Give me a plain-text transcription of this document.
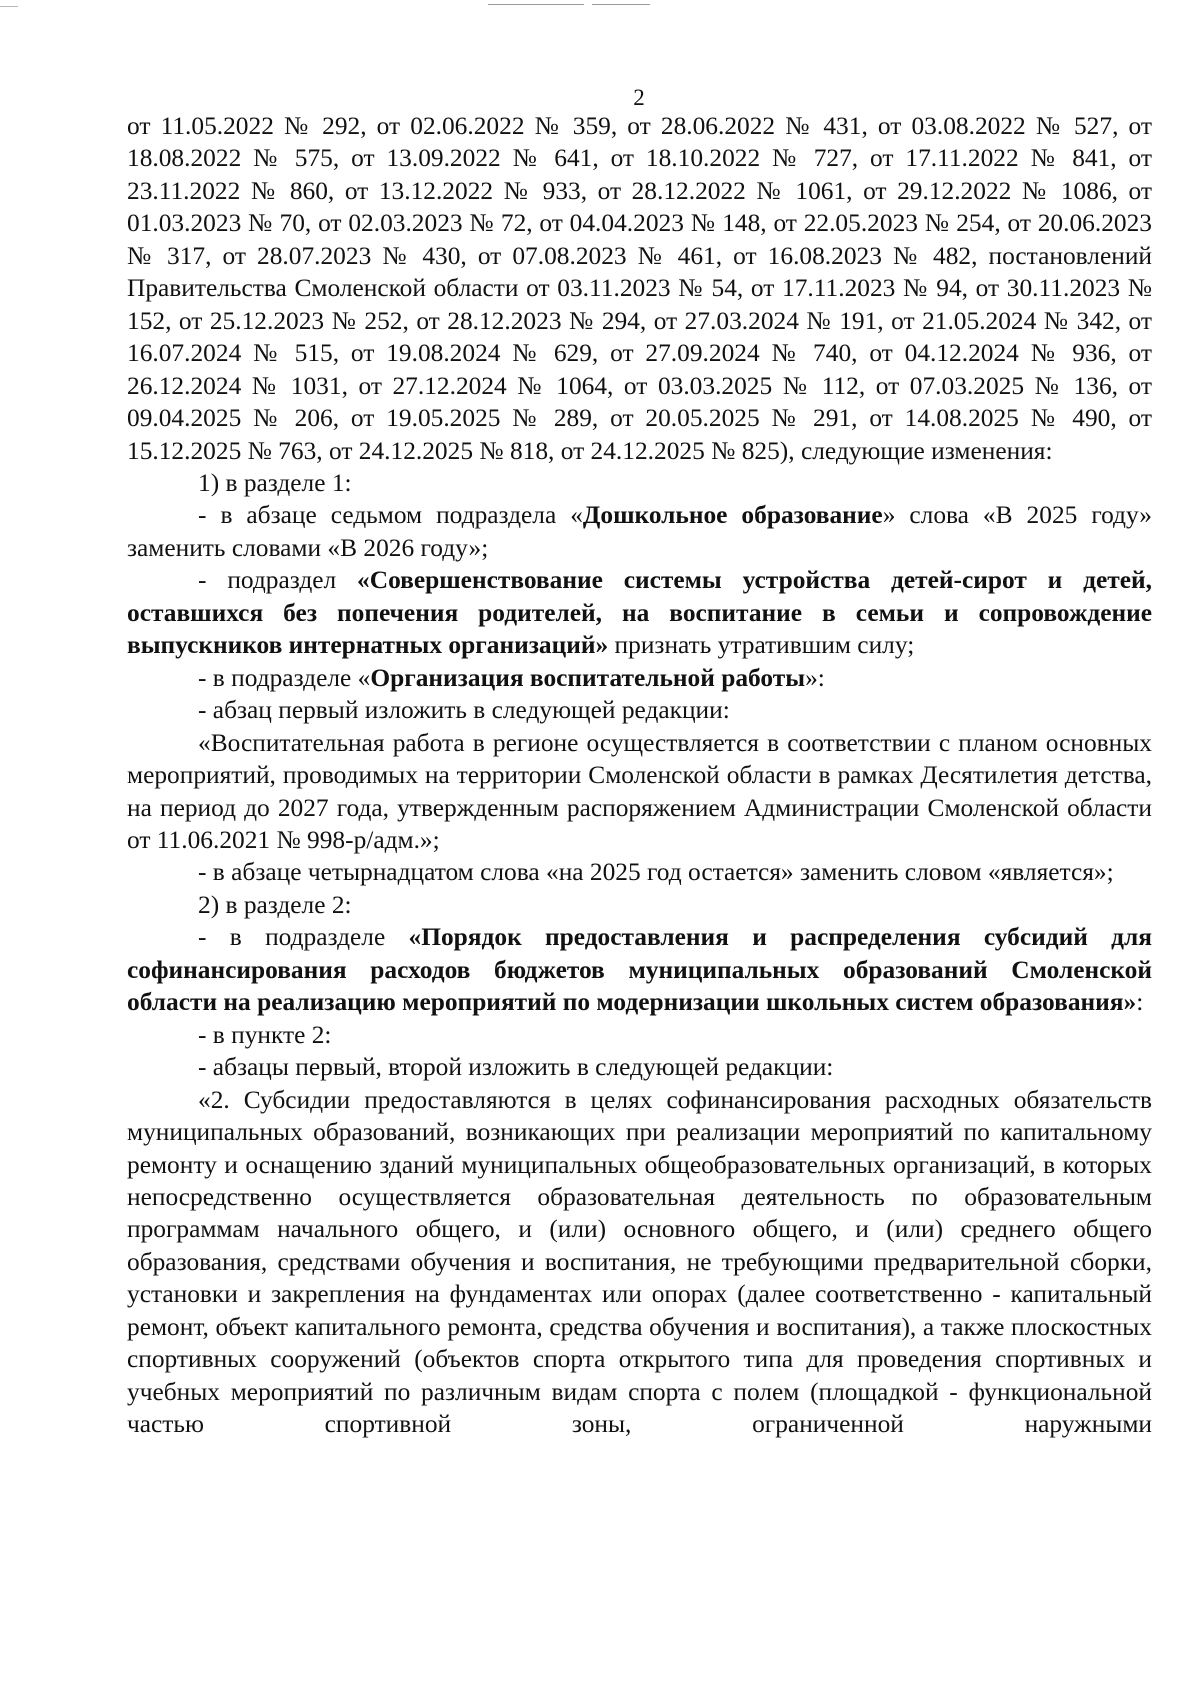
2

от 11.05.2022 № 292, от 02.06.2022 № 359, от 28.06.2022 № 431, от 03.08.2022 № 527, от 18.08.2022 № 575, от 13.09.2022 № 641, от 18.10.2022 № 727, от 17.11.2022 № 841, от 23.11.2022 № 860, от 13.12.2022 № 933, от 28.12.2022 № 1061, от 29.12.2022 № 1086, от 01.03.2023 № 70, от 02.03.2023 № 72, от 04.04.2023 № 148, от 22.05.2023 № 254, от 20.06.2023 № 317, от 28.07.2023 № 430, от 07.08.2023 № 461, от 16.08.2023 № 482, постановлений Правительства Смоленской области от 03.11.2023 № 54, от 17.11.2023 № 94, от 30.11.2023 № 152, от 25.12.2023 № 252, от 28.12.2023 № 294, от 27.03.2024 № 191, от 21.05.2024 № 342, от 16.07.2024 № 515, от 19.08.2024 № 629, от 27.09.2024 № 740, от 04.12.2024 № 936, от 26.12.2024 № 1031, от 27.12.2024 № 1064, от 03.03.2025 № 112, от 07.03.2025 № 136, от 09.04.2025 № 206, от 19.05.2025 № 289, от 20.05.2025 № 291, от 14.08.2025 № 490, от 15.12.2025 № 763, от 24.12.2025 № 818, от 24.12.2025 № 825), следующие изменения:

1) в разделе 1:

- в абзаце седьмом подраздела «Дошкольное образование» слова «В 2025 году» заменить словами «В 2026 году»;

- подраздел «Совершенствование системы устройства детей-сирот и детей, оставшихся без попечения родителей, на воспитание в семьи и сопровождение выпускников интернатных организаций» признать утратившим силу;

- в подразделе «Организация воспитательной работы»:

- абзац первый изложить в следующей редакции:

«Воспитательная работа в регионе осуществляется в соответствии с планом основных мероприятий, проводимых на территории Смоленской области в рамках Десятилетия детства, на период до 2027 года, утвержденным распоряжением Администрации Смоленской области от 11.06.2021 № 998-р/адм.»;

- в абзаце четырнадцатом слова «на 2025 год остается» заменить словом «является»;

2) в разделе 2:

- в подразделе «Порядок предоставления и распределения субсидий для софинансирования расходов бюджетов муниципальных образований Смоленской области на реализацию мероприятий по модернизации школьных систем образования»:

- в пункте 2:

- абзацы первый, второй изложить в следующей редакции:

«2. Субсидии предоставляются в целях софинансирования расходных обязательств муниципальных образований, возникающих при реализации мероприятий по капитальному ремонту и оснащению зданий муниципальных общеобразовательных организаций, в которых непосредственно осуществляется образовательная деятельность по образовательным программам начального общего, и (или) основного общего, и (или) среднего общего образования, средствами обучения и воспитания, не требующими предварительной сборки, установки и закрепления на фундаментах или опорах (далее соответственно - капитальный ремонт, объект капитального ремонта, средства обучения и воспитания), а также плоскостных спортивных сооружений (объектов спорта открытого типа для проведения спортивных и учебных мероприятий по различным видам спорта с полем (площадкой - функциональной частью спортивной зоны, ограниченной наружными
